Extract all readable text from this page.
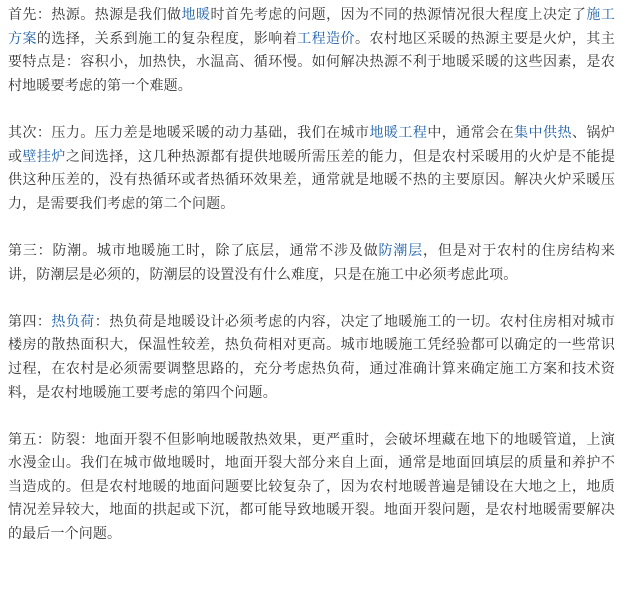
首先：热源。热源是我们做地暖时首先考虑的问题，因为不同的热源情况很大程度上决定了施工方案的选择，关系到施工的复杂程度，影响着工程造价。农村地区采暖的热源主要是火炉，其主要特点是：容积小，加热快，水温高、循环慢。如何解决热源不利于地暖采暖的这些因素，是农村地暖要考虑的第一个难题。

其次：压力。压力差是地暖采暖的动力基础，我们在城市地暖工程中，通常会在集中供热、锅炉或壁挂炉之间选择，这几种热源都有提供地暖所需压差的能力，但是农村采暖用的火炉是不能提供这种压差的，没有热循环或者热循环效果差，通常就是地暖不热的主要原因。解决火炉采暖压力，是需要我们考虑的第二个问题。

第三：防潮。城市地暖施工时，除了底层，通常不涉及做防潮层，但是对于农村的住房结构来讲，防潮层是必须的，防潮层的设置没有什么难度，只是在施工中必须考虑此项。

第四：热负荷：热负荷是地暖设计必须考虑的内容，决定了地暖施工的一切。农村住房相对城市楼房的散热面积大，保温性较差，热负荷相对更高。城市地暖施工凭经验都可以确定的一些常识过程，在农村是必须需要调整思路的，充分考虑热负荷，通过准确计算来确定施工方案和技术资料，是农村地暖施工要考虑的第四个问题。

第五：防裂：地面开裂不但影响地暖散热效果，更严重时，会破坏埋藏在地下的地暖管道，上演水漫金山。我们在城市做地暖时，地面开裂大部分来自上面，通常是地面回填层的质量和养护不当造成的。但是农村地暖的地面问题要比较复杂了，因为农村地暖普遍是铺设在大地之上，地质情况差异较大，地面的拱起或下沉，都可能导致地暖开裂。地面开裂问题，是农村地暖需要解决的最后一个问题。
